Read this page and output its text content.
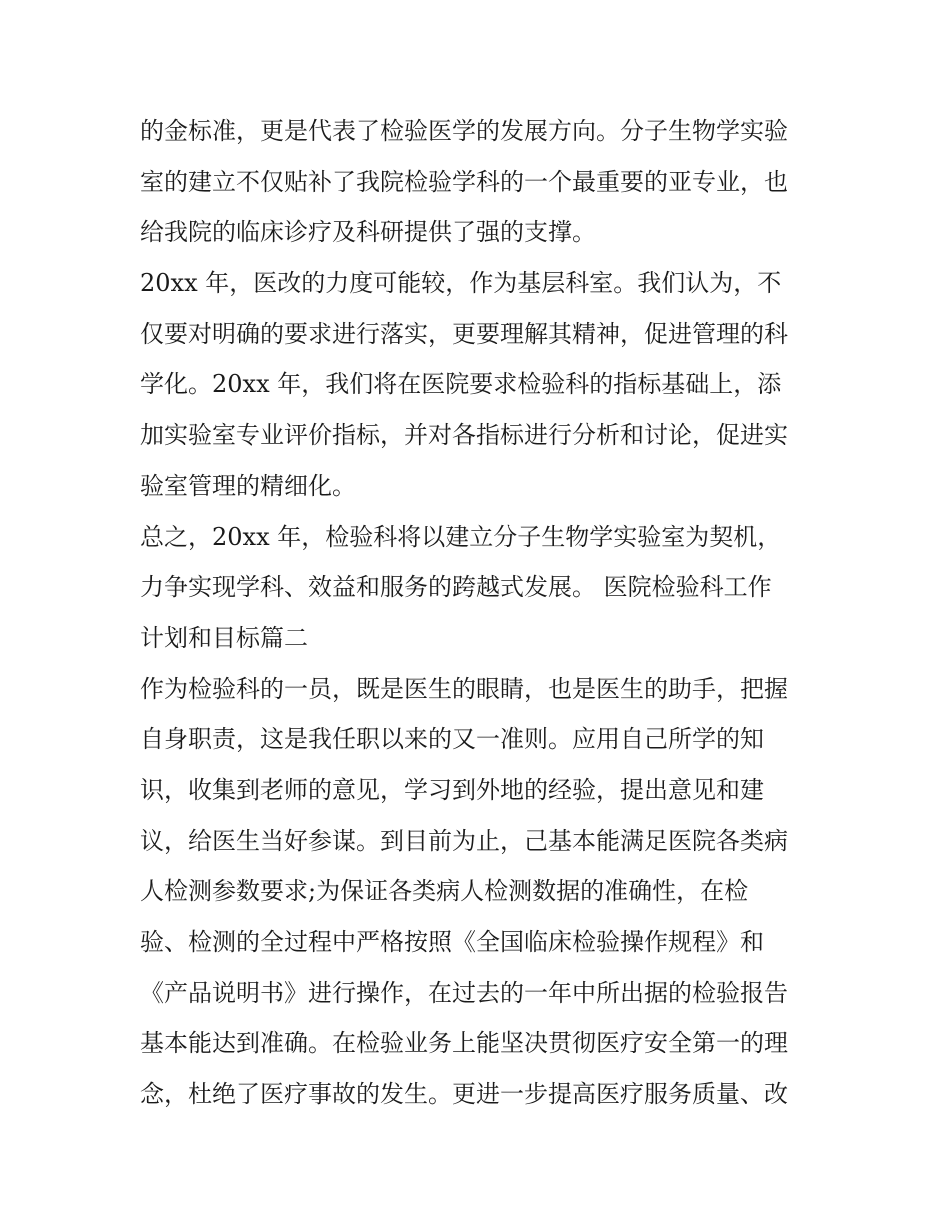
的金标准，更是代表了检验医学的发展方向。分子生物学实验
室的建立不仅贴补了我院检验学科的一个最重要的亚专业，也
给我院的临床诊疗及科研提供了强的支撑。
20xx 年，医改的力度可能较，作为基层科室。我们认为，不
仅要对明确的要求进行落实，更要理解其精神，促进管理的科
学化。20xx 年，我们将在医院要求检验科的指标基础上，添
加实验室专业评价指标，并对各指标进行分析和讨论，促进实
验室管理的精细化。
总之，20xx 年，检验科将以建立分子生物学实验室为契机，
力争实现学科、效益和服务的跨越式发展。 医院检验科工作
计划和目标篇二
作为检验科的一员，既是医生的眼睛，也是医生的助手，把握
自身职责，这是我任职以来的又一准则。应用自己所学的知
识，收集到老师的意见，学习到外地的经验，提出意见和建
议，给医生当好参谋。到目前为止，己基本能满足医院各类病
人检测参数要求;为保证各类病人检测数据的准确性，在检
验、检测的全过程中严格按照《全国临床检验操作规程》和
《产品说明书》进行操作，在过去的一年中所出据的检验报告
基本能达到准确。在检验业务上能坚决贯彻医疗安全第一的理
念，杜绝了医疗事故的发生。更进一步提高医疗服务质量、改
